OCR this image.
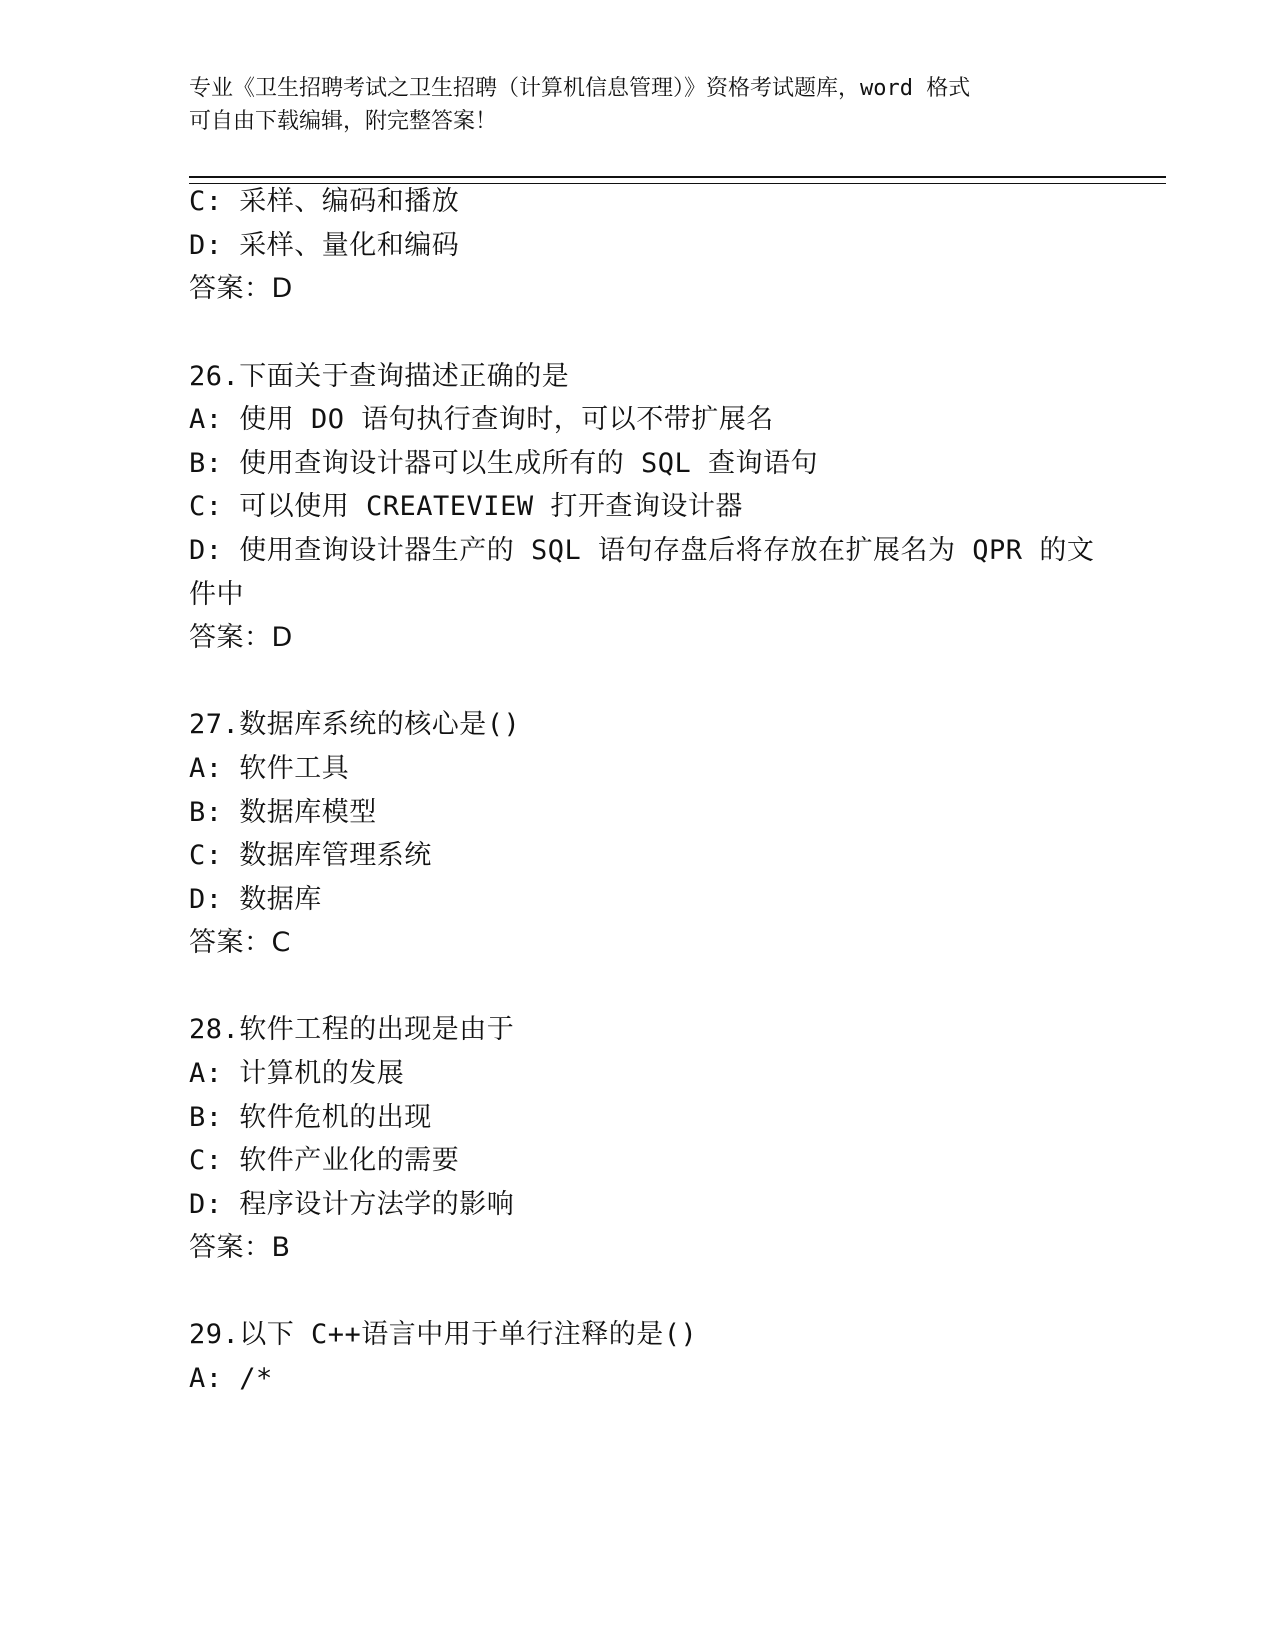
专业《卫生招聘考试之卫生招聘（计算机信息管理）》资格考试题库，word 格式
可自由下载编辑，附完整答案！
C: 采样、编码和播放
D: 采样、量化和编码
答案：D
26.下面关于查询描述正确的是
A: 使用 DO 语句执行查询时，可以不带扩展名
B: 使用查询设计器可以生成所有的 SQL 查询语句
C: 可以使用 CREATEVIEW 打开查询设计器
D: 使用查询设计器生产的 SQL 语句存盘后将存放在扩展名为 QPR 的文
件中
答案：D
27.数据库系统的核心是()
A: 软件工具
B: 数据库模型
C: 数据库管理系统
D: 数据库
答案：C
28.软件工程的出现是由于
A: 计算机的发展
B: 软件危机的出现
C: 软件产业化的需要
D: 程序设计方法学的影响
答案：B
29.以下 C++语言中用于单行注释的是()
A: /*
